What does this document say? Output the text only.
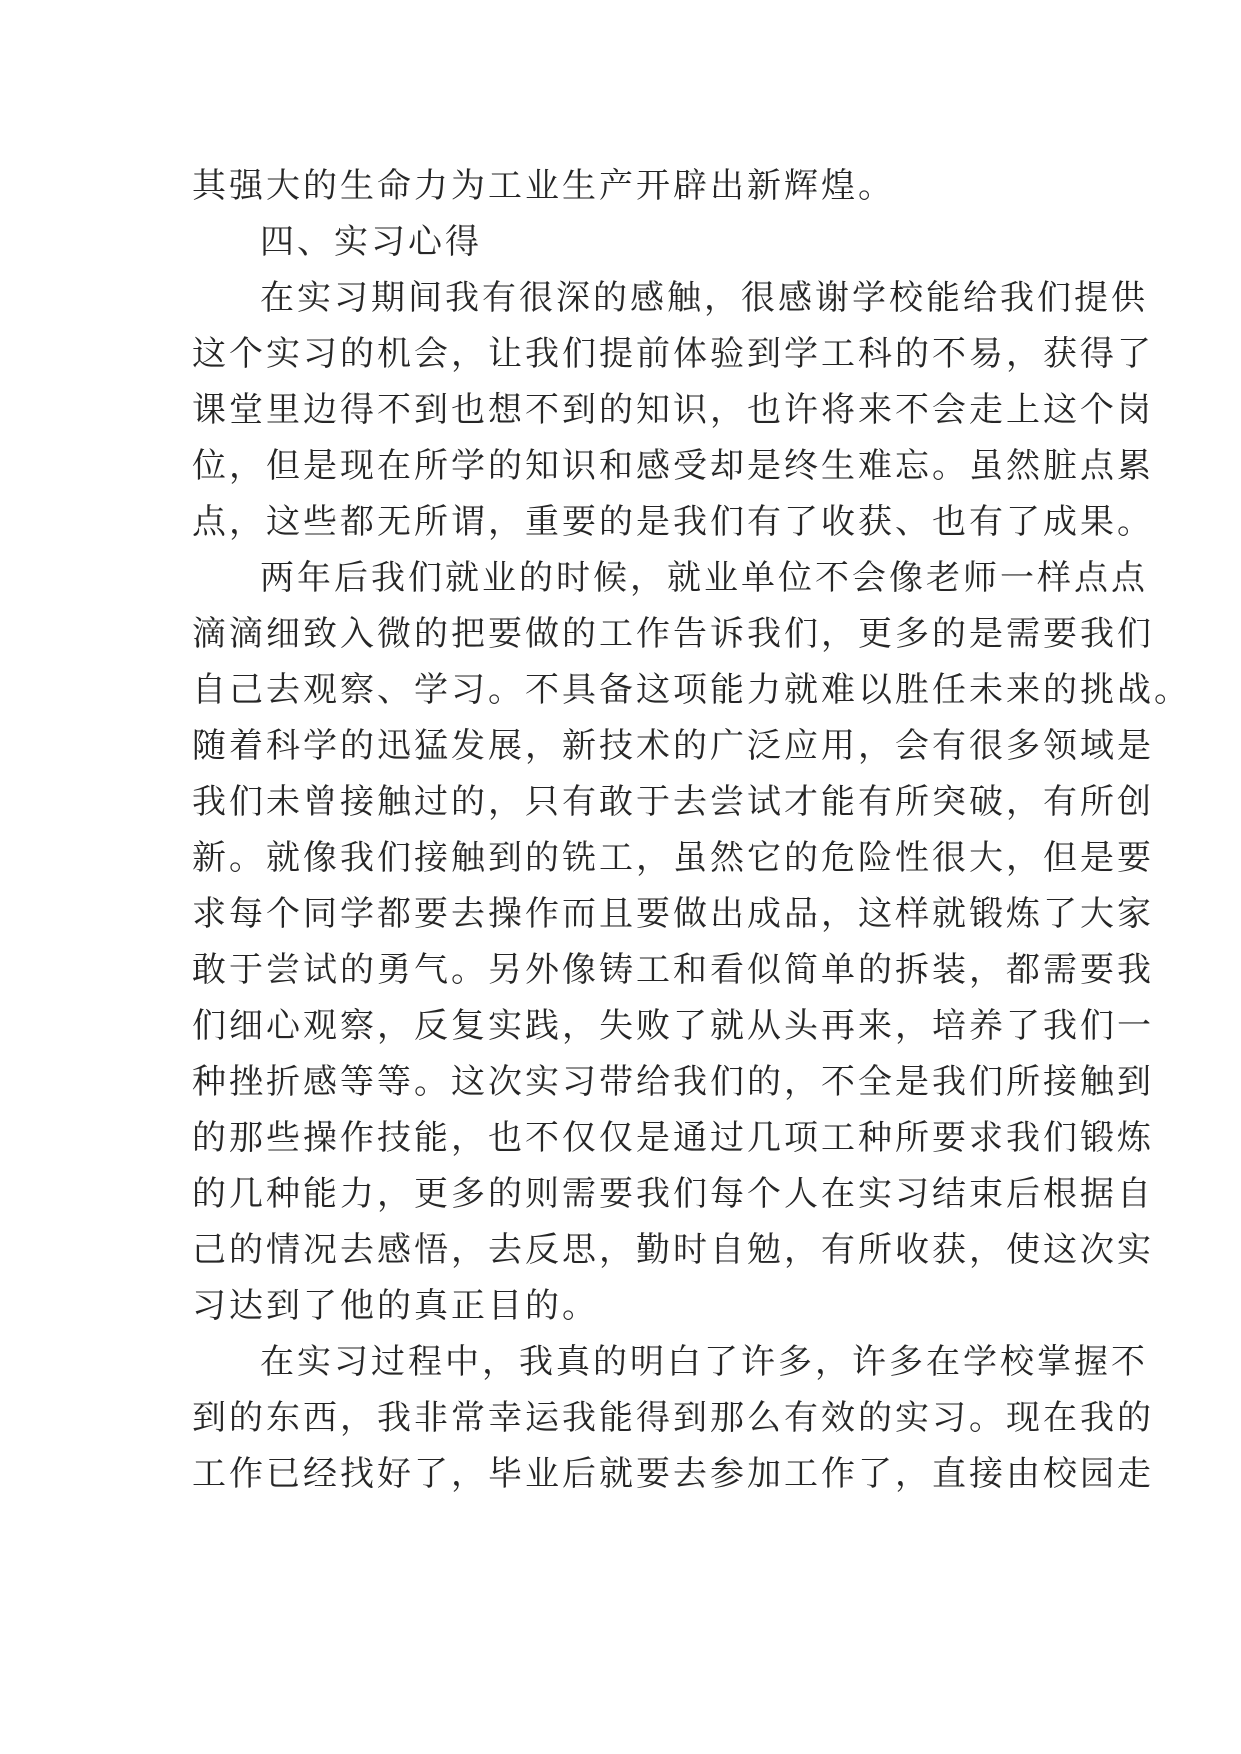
其强大的生命力为工业生产开辟出新辉煌。
四、实习心得
在实习期间我有很深的感触，很感谢学校能给我们提供
这个实习的机会，让我们提前体验到学工科的不易，获得了
课堂里边得不到也想不到的知识，也许将来不会走上这个岗
位，但是现在所学的知识和感受却是终生难忘。虽然脏点累
点，这些都无所谓，重要的是我们有了收获、也有了成果。
两年后我们就业的时候，就业单位不会像老师一样点点
滴滴细致入微的把要做的工作告诉我们，更多的是需要我们
自己去观察、学习。不具备这项能力就难以胜任未来的挑战。
随着科学的迅猛发展，新技术的广泛应用，会有很多领域是
我们未曾接触过的，只有敢于去尝试才能有所突破，有所创
新。就像我们接触到的铣工，虽然它的危险性很大，但是要
求每个同学都要去操作而且要做出成品，这样就锻炼了大家
敢于尝试的勇气。另外像铸工和看似简单的拆装，都需要我
们细心观察，反复实践，失败了就从头再来，培养了我们一
种挫折感等等。这次实习带给我们的，不全是我们所接触到
的那些操作技能，也不仅仅是通过几项工种所要求我们锻炼
的几种能力，更多的则需要我们每个人在实习结束后根据自
己的情况去感悟，去反思，勤时自勉，有所收获，使这次实
习达到了他的真正目的。
在实习过程中，我真的明白了许多，许多在学校掌握不
到的东西，我非常幸运我能得到那么有效的实习。现在我的
工作已经找好了，毕业后就要去参加工作了，直接由校园走
